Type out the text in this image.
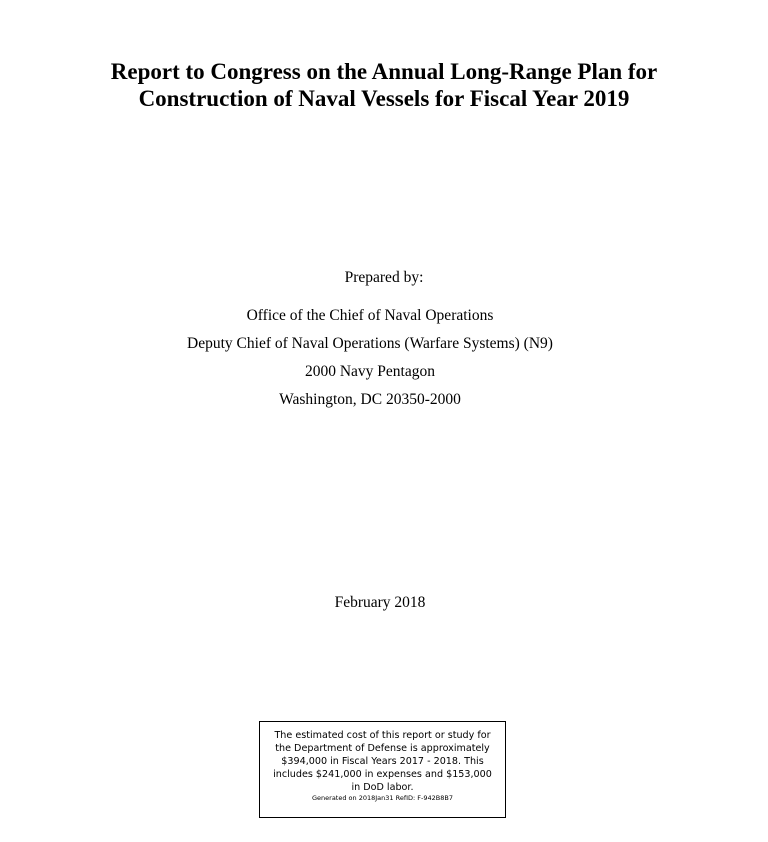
Report to Congress on the Annual Long-Range Plan for
Construction of Naval Vessels for Fiscal Year 2019
Prepared by:
Office of the Chief of Naval Operations
Deputy Chief of Naval Operations (Warfare Systems) (N9)
2000 Navy Pentagon
Washington, DC 20350-2000
February 2018
The estimated cost of this report or study for
the Department of Defense is approximately
$394,000 in Fiscal Years 2017 - 2018. This
includes $241,000 in expenses and $153,000
in DoD labor.
Generated on 2018Jan31 RefID: F-942B8B7
